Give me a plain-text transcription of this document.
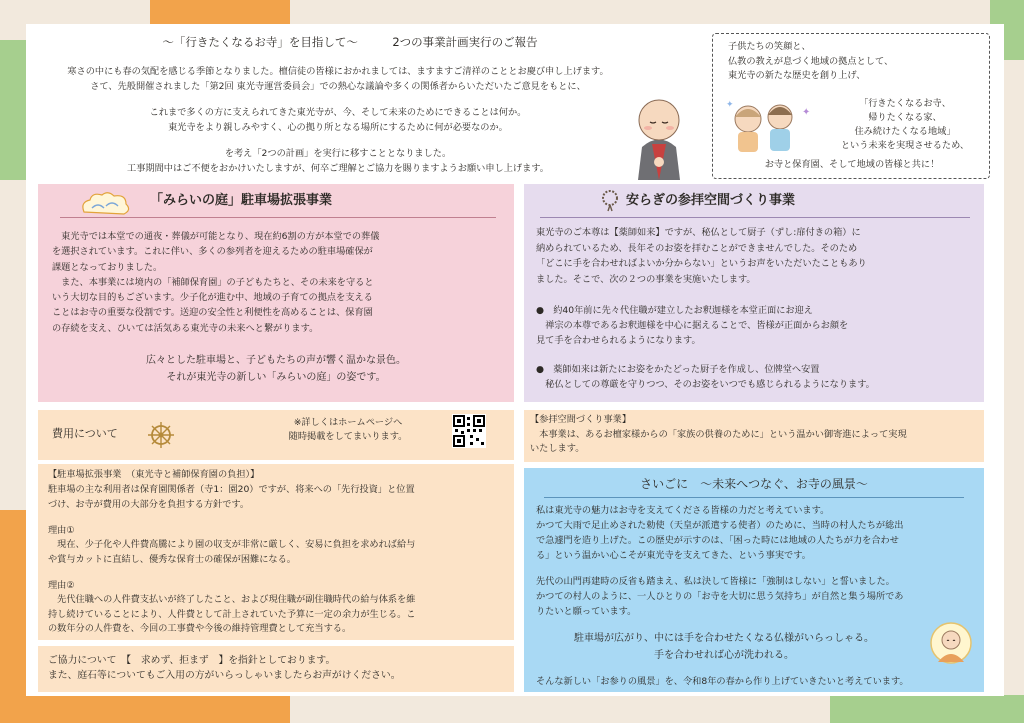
～「行きたくなるお寺」を目指して～　　　2つの事業計画実行のご報告
寒さの中にも春の気配を感じる季節となりました。檀信徒の皆様におかれましては、ますますご清祥のこととお慶び申し上げます。
さて、先般開催されました「第2回 東光寺運営委員会」での熱心な議論や多くの関係者からいただいたご意見をもとに、
これまで多くの方に支えられてきた東光寺が、今、そして未来のためにできることは何か。
東光寺をより親しみやすく、心の拠り所となる場所にするために何が必要なのか。
を考え「2つの計画」を実行に移すこととなりました。
工事期間中はご不便をおかけいたしますが、何卒ご理解とご協力を賜りますようお願い申し上げます。
子供たちの笑顔と、
仏教の教えが息づく地域の拠点として、
東光寺の新たな歴史を創り上げ、
「行きたくなるお寺、
帰りたくなる家、
住み続けたくなる地域」
という未来を実現させるため、
✦
✦
お寺と保育園、そして地域の皆様と共に！
「みらいの庭」駐車場拡張事業
　東光寺では本堂での通夜・葬儀が可能となり、現在約6割の方が本堂での葬儀
を選択されています。これに伴い、多くの参列者を迎えるための駐車場確保が
課題となっておりました。
　また、本事業には境内の「補師保育園」の子どもたちと、その未来を守ると
いう大切な目的もございます。少子化が進む中、地域の子育ての拠点を支える
ことはお寺の重要な役割です。送迎の安全性と利便性を高めることは、保育園
の存続を支え、ひいては活気ある東光寺の未来へと繋がります。
広々とした駐車場と、子どもたちの声が響く温かな景色。
それが東光寺の新しい「みらいの庭」の姿です。
安らぎの参拝空間づくり事業
東光寺のご本尊は【薬師如来】ですが、秘仏として厨子（ずし:扉付きの箱）に
納められているため、長年そのお姿を拝むことができませんでした。そのため
「どこに手を合わせればよいか分からない」というお声をいただいたこともあり
ました。そこで、次の２つの事業を実施いたします。
●　約40年前に先々代住職が建立したお釈迦様を本堂正面にお迎え
　禅宗の本尊であるお釈迦様を中心に据えることで、皆様が正面からお顔を
見て手を合わせられるようになります。
●　薬師如来は新たにお姿をかたどった厨子を作成し、位牌堂へ安置
　秘仏としての尊厳を守りつつ、そのお姿をいつでも感じられるようになります。
費用について
※詳しくはホームページへ
随時掲載をしてまいります。
【駐車場拡張事業　（東光寺と補師保育園の負担）】
駐車場の主な利用者は保育園関係者（寺1：園20）ですが、将来への「先行投資」と位置
づけ、お寺が費用の大部分を負担する方針です。
理由①
　現在、少子化や人件費高騰により園の収支が非常に厳しく、安易に負担を求めれば給与
や賞与カットに直結し、優秀な保育士の確保が困難になる。
理由②
　先代住職への人件費支払いが終了したこと、および現住職が副住職時代の給与体系を維
持し続けていることにより、人件費として計上されていた予算に一定の余力が生じる。こ
の数年分の人件費を、今回の工事費や今後の維持管理費として充当する。
ご協力について　【　求めず、拒まず　】を指針としております。
また、庭石等についてもご入用の方がいらっしゃいましたらお声がけください。
【参拝空間づくり事業】
　本事業は、あるお檀家様からの「家族の供養のために」という温かい御寄進によって実現
いたします。
さいごに　～未来へつなぐ、お寺の風景～
私は東光寺の魅力はお寺を支えてくださる皆様の力だと考えています。
かつて大雨で足止めされた勅使（天皇が派遣する使者）のために、当時の村人たちが総出
で急遽門を造り上げた。この歴史が示すのは、「困った時には地域の人たちが力を合わせ
る」という温かい心こそが東光寺を支えてきた、という事実です。
先代の山門再建時の反省も踏まえ、私は決して皆様に「強制はしない」と誓いました。
かつての村人のように、一人ひとりの「お寺を大切に思う気持ち」が自然と集う場所であ
りたいと願っています。
駐車場が広がり、中には手を合わせたくなる仏様がいらっしゃる。
手を合わせれば心が洗われる。
そんな新しい「お参りの風景」を、令和8年の春から作り上げていきたいと考えています。
